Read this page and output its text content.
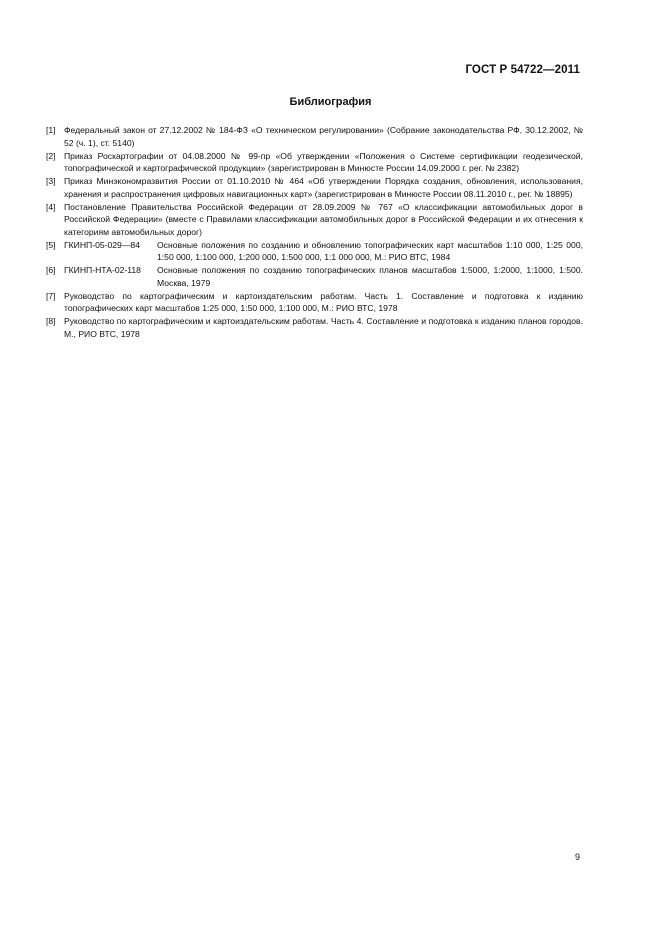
ГОСТ Р 54722—2011
Библиография
[1] Федеральный закон от 27.12.2002 № 184-ФЗ «О техническом регулировании» (Собрание законодательства РФ, 30.12.2002, № 52 (ч. 1), ст. 5140)
[2] Приказ Роскартографии от 04.08.2000 № 99-пр «Об утверждении «Положения о Системе сертификации геодезической, топографической и картографической продукции» (зарегистрирован в Минюсте России 14.09.2000 г. рег. № 2382)
[3] Приказ Минэкономразвития России от 01.10.2010 № 464 «Об утверждении Порядка создания, обновления, использования, хранения и распространения цифровых навигационных карт» (зарегистрирован в Минюсте России 08.11.2010 г., рег. № 18895)
[4] Постановление Правительства Российской Федерации от 28.09.2009 № 767 «О классификации автомобильных дорог в Российской Федерации» (вместе с Правилами классификации автомобильных дорог в Российской Федерации и их отнесения к категориям автомобильных дорог)
[5] ГКИНП-05-029—84	Основные положения по созданию и обновлению топографических карт масштабов 1:10 000, 1:25 000, 1:50 000, 1:100 000, 1:200 000, 1:500 000, 1:1 000 000, М.: РИО ВТС, 1984
[6] ГКИНП-НТА-02-118	Основные положения по созданию топографических планов масштабов 1:5000, 1:2000, 1:1000, 1:500. Москва, 1979
[7] Руководство по картографическим и картоиздательским работам. Часть 1. Составление и подготовка к изданию топографических карт масштабов 1:25 000, 1:50 000, 1:100 000, М.: РИО ВТС, 1978
[8] Руководство по картографическим и картоиздательским работам. Часть 4. Составление и подготовка к изданию планов городов. М., РИО ВТС, 1978
9
